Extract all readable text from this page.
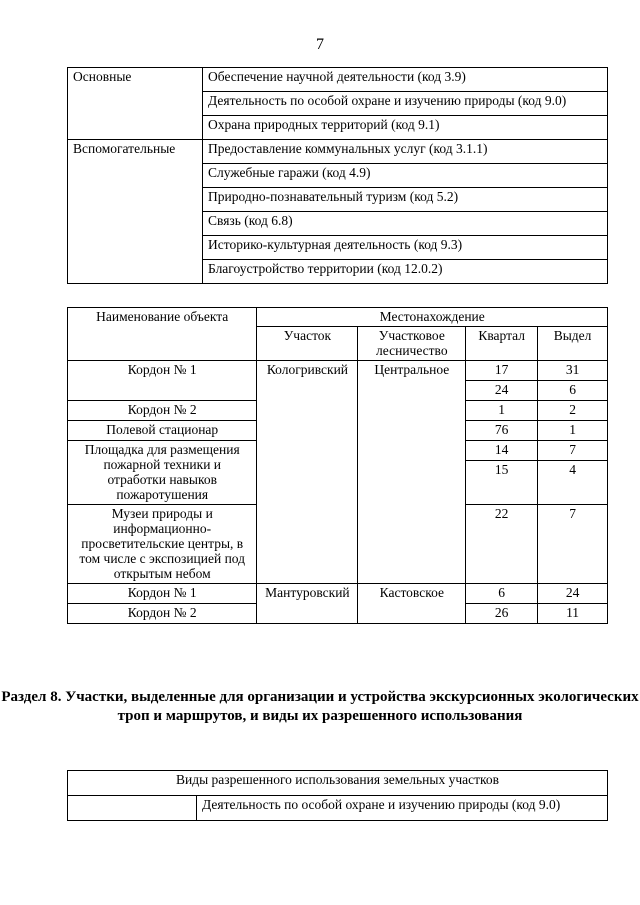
7
Основные	Обеспечение научной деятельности (код 3.9)
	Деятельность по особой охране и изучению природы (код 9.0)
	Охрана природных территорий (код 9.1)
Вспомогательные	Предоставление коммунальных услуг (код 3.1.1)
	Служебные гаражи (код 4.9)
	Природно-познавательный туризм (код 5.2)
	Связь (код 6.8)
	Историко-культурная деятельность (код 9.3)
	Благоустройство территории (код 12.0.2)
Наименование объекта	Местонахождение			
	Участок	Участковое лесничество	Квартал	Выдел
Кордон № 1	Кологривский	Центральное	17	31
			24	6
Кордон № 2			1	2
Полевой стационар			76	1
Площадка для размещения пожарной техники и отработки навыков пожаротушения			14	7
			15	4
Музеи природы и информационно-просветительские центры, в том числе с экспозицией под открытым небом			22	7
Кордон № 1	Мантуровский	Кастовское	6	24
Кордон № 2			26	11
Раздел 8. Участки, выделенные для организации и устройства экскурсионных экологических троп и маршрутов, и виды их разрешенного использования
Виды разрешенного использования земельных участков
	Деятельность по особой охране и изучению природы (код 9.0)
